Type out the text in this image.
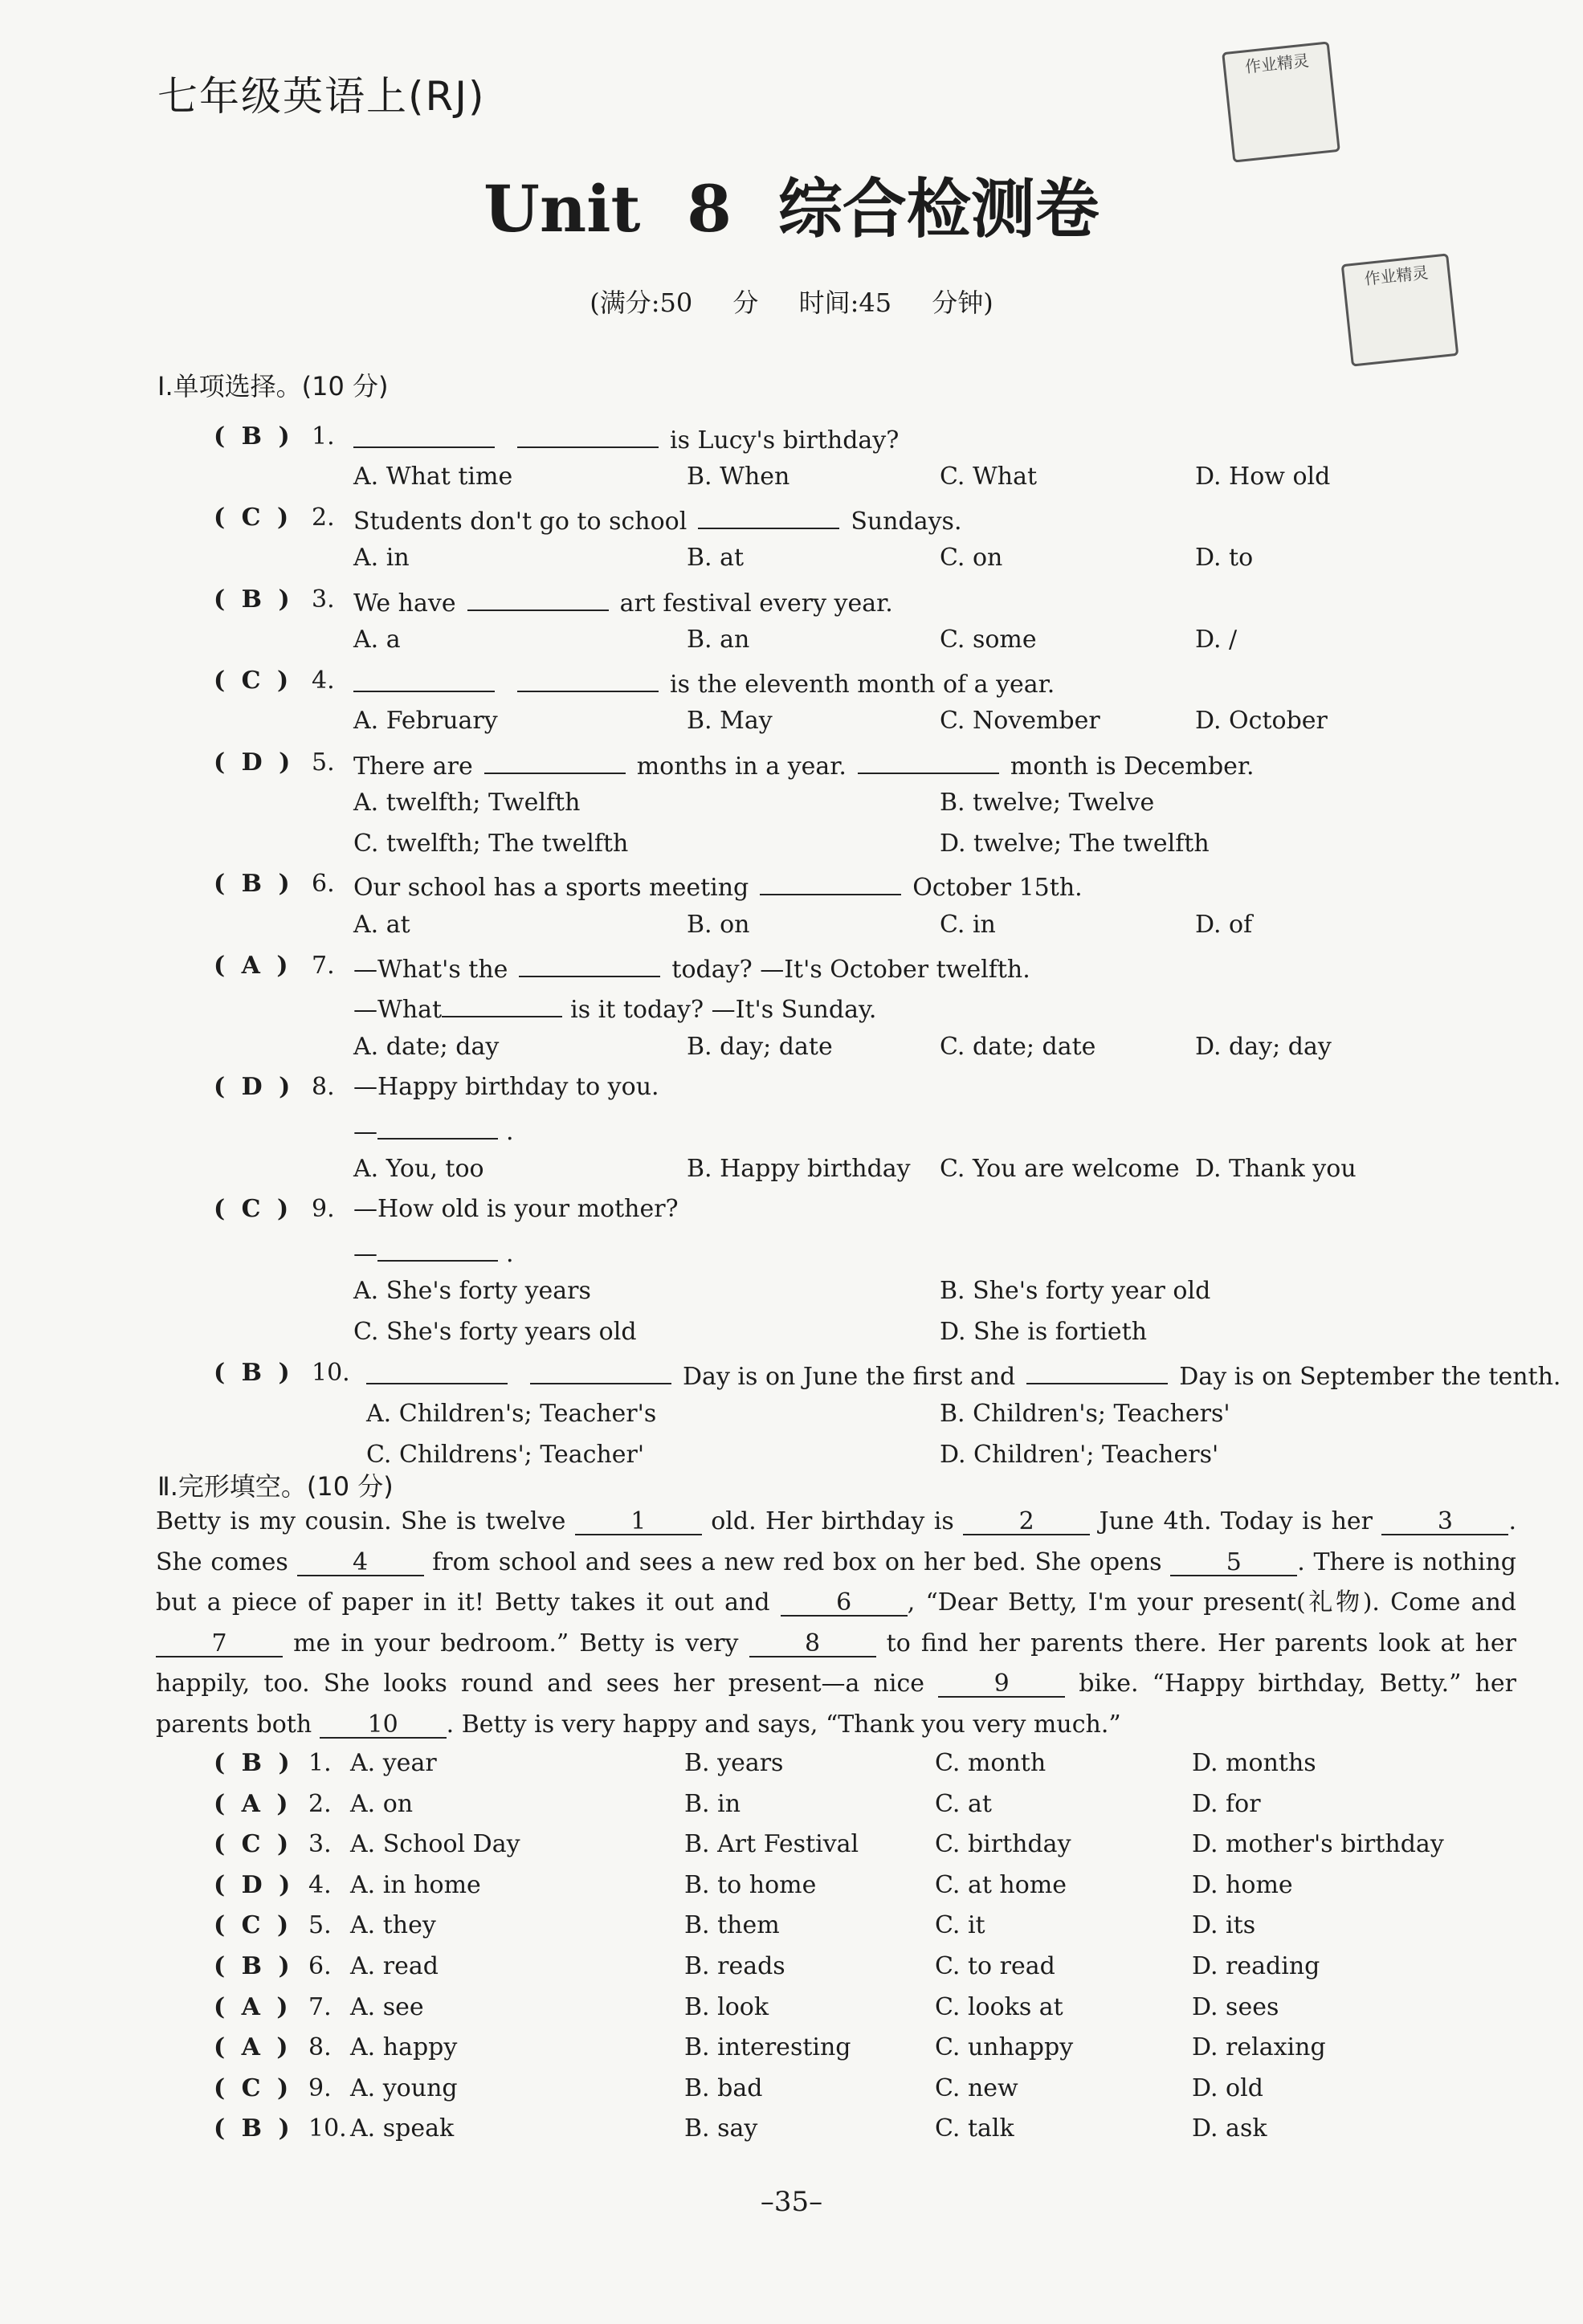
七年级英语上(RJ)
作业精灵
作业精灵
Unit 8 综合检测卷
(满分:50 分 时间:45 分钟)
Ⅰ.单项选择。(10 分)
( B ) 1.	is Lucy's birthday?
A. What time	B. When	C. What	D. How old
( C ) 2. Students don't go to school	Sundays.
A. in	B. at	C. on	D. to
( B ) 3. We have	art festival every year.
A. a	B. an	C. some	D. /
( C ) 4.	is the eleventh month of a year.
A. February	B. May	C. November	D. October
( D ) 5. There are	months in a year.	month is December.
A. twelfth; Twelfth	B. twelve; Twelve
C. twelfth; The twelfth	D. twelve; The twelfth
( B ) 6. Our school has a sports meeting	October 15th.
A. at	B. on	C. in	D. of
( A ) 7. —What's the	today? —It's October twelfth.
—What	is it today? —It's Sunday.
A. date; day	B. day; date	C. date; date	D. day; day
( D ) 8. —Happy birthday to you.
—	.
A. You, too	B. Happy birthday C. You are welcome D. Thank you
( C ) 9. —How old is your mother?
—	.
A. She's forty years	B. She's forty year old
C. She's forty years old	D. She is fortieth
( B ) 10.	Day is on June the first and	Day is on September the tenth.
A. Children's; Teacher's	B. Children's; Teachers'
C. Childrens'; Teacher'	D. Children'; Teachers'
Ⅱ.完形填空。(10 分)
Betty is my cousin. She is twelve 1 old. Her birthday is 2 June 4th. Today is her 3 . She comes 4 from school and sees a new red box on her bed. She opens 5 . There is nothing but a piece of paper in it! Betty takes it out and 6 , “Dear Betty, I'm your present(礼物). Come and 7 me in your bedroom.” Betty is very 8 to find her parents there. Her parents look at her happily, too. She looks round and sees her present—a nice 9 bike. “Happy birthday, Betty.” her parents both 10 . Betty is very happy and says, “Thank you very much.”
( B ) 1. A. year	B. years	C. month	D. months
( A ) 2. A. on	B. in	C. at	D. for
( C ) 3. A. School Day	B. Art Festival	C. birthday	D. mother's birthday
( D ) 4. A. in home	B. to home	C. at home	D. home
( C ) 5. A. they	B. them	C. it	D. its
( B ) 6. A. read	B. reads	C. to read	D. reading
( A ) 7. A. see	B. look	C. looks at	D. sees
( A ) 8. A. happy	B. interesting	C. unhappy	D. relaxing
( C ) 9. A. young	B. bad	C. new	D. old
( B ) 10. A. speak	B. say	C. talk	D. ask
–35–
